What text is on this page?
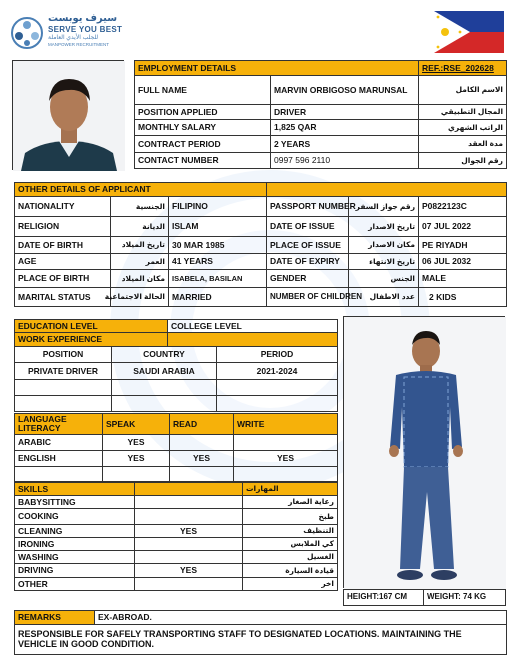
سيرف يوبست
SERVE YOU BEST
للجلب الأيدي العاملة
MANPOWER RECRUITMENT
EMPLOYMENT DETAILS		REF.:RSE_202628
FULL NAME	MARVIN ORBIGOSO MARUNSAL	الاسم الكامل
POSITION APPLIED	DRIVER	المجال التطبيقي
MONTHLY SALARY	1,825 QAR	الراتب الشهري
CONTRACT PERIOD	2 YEARS	مدة العقد
CONTACT NUMBER	0997 596 2110	رقم الجوال
OTHER DETAILS OF APPLICANT					
NATIONALITY	الجنسية	FILIPINO	PASSPORT NUMBER	رقم جواز السفر	P0822123C
RELIGION	الديانة	ISLAM	DATE OF ISSUE	تاريخ الاصدار	07 JUL 2022
DATE OF BIRTH	تاريخ الميلاد	30 MAR 1985	PLACE OF ISSUE	مكان الاصدار	PE RIYADH
AGE	العمر	41 YEARS	DATE OF EXPIRY	تاريخ الانتهاء	06 JUL 2032
PLACE OF BIRTH	مكان الميلاد	ISABELA, BASILAN	GENDER	الجنس	MALE
MARITAL STATUS	الحالة الاجتماعية	MARRIED	NUMBER OF CHILDREN	عدد الاطفال	2 KIDS
EDUCATION LEVEL		COLLEGE LEVEL	
WORK EXPERIENCE			
POSITION	COUNTRY		PERIOD
PRIVATE DRIVER	SAUDI ARABIA		2021-2024

LANGUAGE LITERACY	SPEAK	READ	WRITE
ARABIC	YES		
ENGLISH	YES	YES	YES

SKILLS		المهارات
BABYSITTING		رعاية الصغار
COOKING		طبخ
CLEANING	YES	التنظيف
IRONING		كي الملابس
WASHING		الغسيل
DRIVING	YES	قيادة السيارة
OTHER		اخر
HEIGHT:167 CM	WEIGHT: 74 KG
REMARKS	EX-ABROAD.
RESPONSIBLE FOR SAFELY TRANSPORTING STAFF TO DESIGNATED LOCATIONS. MAINTAINING THE VEHICLE IN GOOD CONDITION.
